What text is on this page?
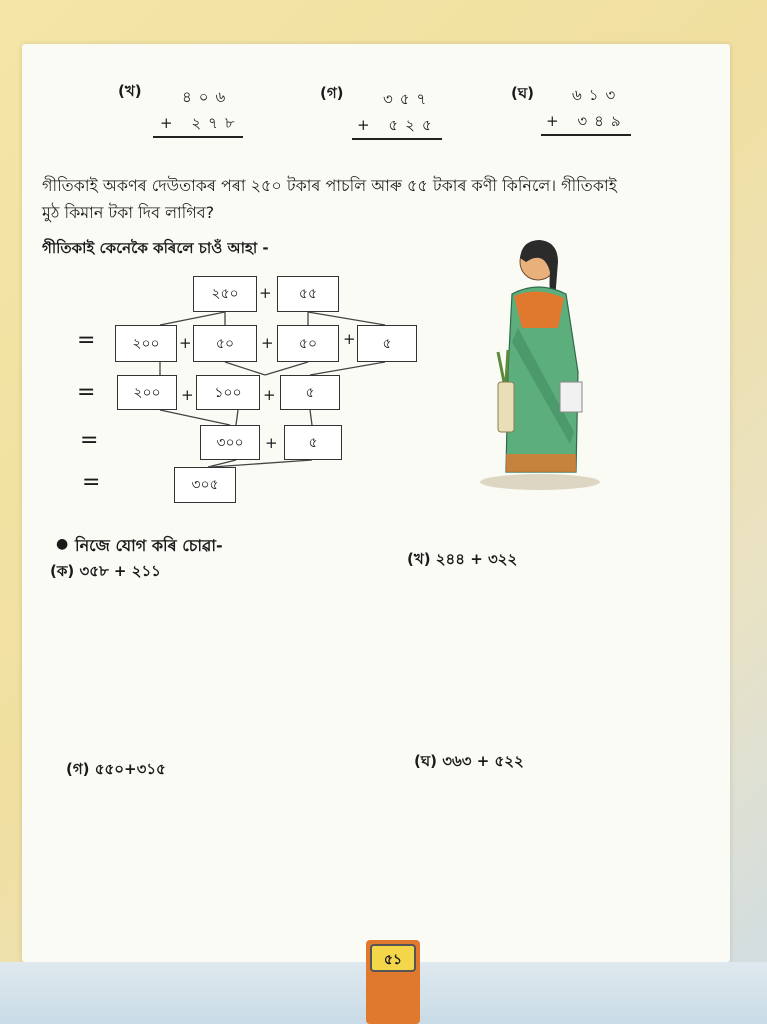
(খ)	৪০৬
+ ২৭৮
(গ)	৩৫৭
+ ৫২৫
(ঘ)	৬১৩
+ ৩৪৯
গীতিকাই অকণৰ দেউতাকৰ পৰা ২৫০ টকাৰ পাচলি আৰু ৫৫ টকাৰ কণী কিনিলে। গীতিকাই
মুঠ কিমান টকা দিব লাগিব?
গীতিকাই কেনেকৈ কৰিলে চাওঁ আহা -
২৫০	+	৫৫
=	২০০	+	৫০	+	৫০	+	৫
=	২০০	+	১০০	+	৫
=	৩০০	+	৫
=	৩০৫
● নিজে যোগ কৰি চোৱা-
(ক) ৩৫৮ + ২১১
(খ) ২৪৪ + ৩২২
(গ) ৫৫০+৩১৫	(ঘ) ৩৬৩ + ৫২২
৫১
